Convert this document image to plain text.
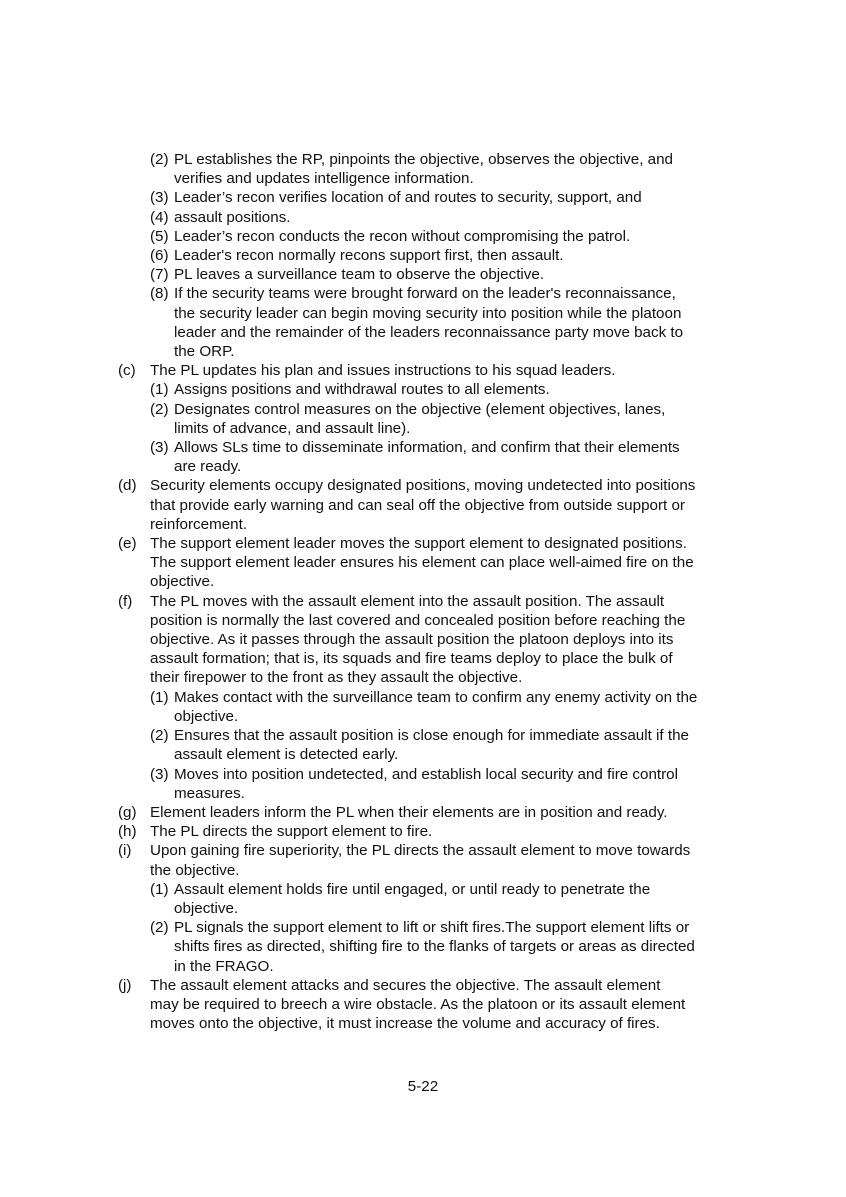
(2) PL establishes the RP, pinpoints the objective, observes the objective, and
verifies and updates intelligence information.
(3) Leader’s recon verifies location of and routes to security, support, and
(4) assault positions.
(5) Leader’s recon conducts the recon without compromising the patrol.
(6) Leader's recon normally recons support first, then assault.
(7) PL leaves a surveillance team to observe the objective.
(8) If the security teams were brought forward on the leader's reconnaissance,
the security leader can begin moving security into position while the platoon
leader and the remainder of the leaders reconnaissance party move back to
the ORP.
(c) The PL updates his plan and issues instructions to his squad leaders.
(1) Assigns positions and withdrawal routes to all elements.
(2) Designates control measures on the objective (element objectives, lanes,
limits of advance, and assault line).
(3) Allows SLs time to disseminate information, and confirm that their elements
are ready.
(d) Security elements occupy designated positions, moving undetected into positions
that provide early warning and can seal off the objective from outside support or
reinforcement.
(e) The support element leader moves the support element to designated positions.
The support element leader ensures his element can place well-aimed fire on the
objective.
(f) The PL moves with the assault element into the assault position. The assault
position is normally the last covered and concealed position before reaching the
objective. As it passes through the assault position the platoon deploys into its
assault formation; that is, its squads and fire teams deploy to place the bulk of
their firepower to the front as they assault the objective.
(1) Makes contact with the surveillance team to confirm any enemy activity on the
objective.
(2) Ensures that the assault position is close enough for immediate assault if the
assault element is detected early.
(3) Moves into position undetected, and establish local security and fire control
measures.
(g) Element leaders inform the PL when their elements are in position and ready.
(h) The PL directs the support element to fire.
(i) Upon gaining fire superiority, the PL directs the assault element to move towards
the objective.
(1) Assault element holds fire until engaged, or until ready to penetrate the
objective.
(2) PL signals the support element to lift or shift fires.The support element lifts or
shifts fires as directed, shifting fire to the flanks of targets or areas as directed
in the FRAGO.
(j) The assault element attacks and secures the objective. The assault element
may be required to breech a wire obstacle. As the platoon or its assault element
moves onto the objective, it must increase the volume and accuracy of fires.
5-22
